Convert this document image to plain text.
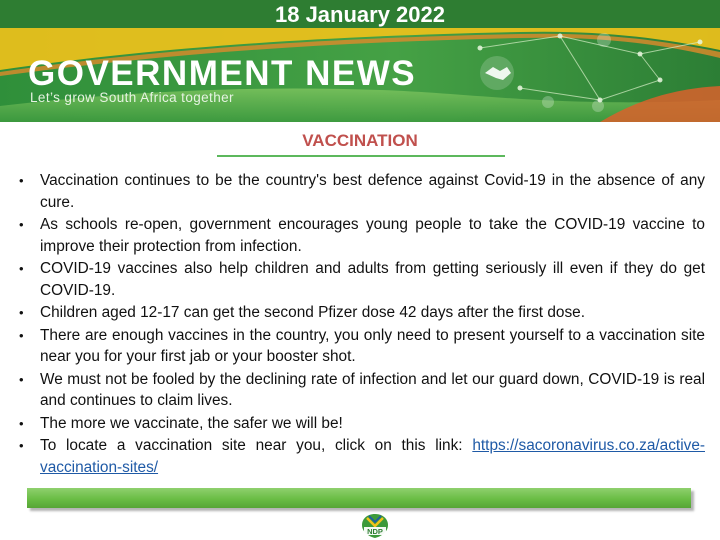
18 January 2022
GOVERNMENT NEWS
Let’s grow South Africa together
VACCINATION
• Vaccination continues to be the country's best defence against Covid-19 in the absence of any cure.
• As schools re-open, government encourages young people to take the COVID-19 vaccine to improve their protection from infection.
• COVID-19 vaccines also help children and adults from getting seriously ill even if they do get COVID-19.
• Children aged 12-17 can get the second Pfizer dose 42 days after the first dose.
• There are enough vaccines in the country, you only need to present yourself to a vaccination site near you for your first jab or your booster shot.
• We must not be fooled by the declining rate of infection and let our guard down, COVID-19 is real and continues to claim lives.
• The more we vaccinate, the safer we will be!
• To locate a vaccination site near you, click on this link: https://sacoronavirus.co.za/active-vaccination-sites/
NDP
